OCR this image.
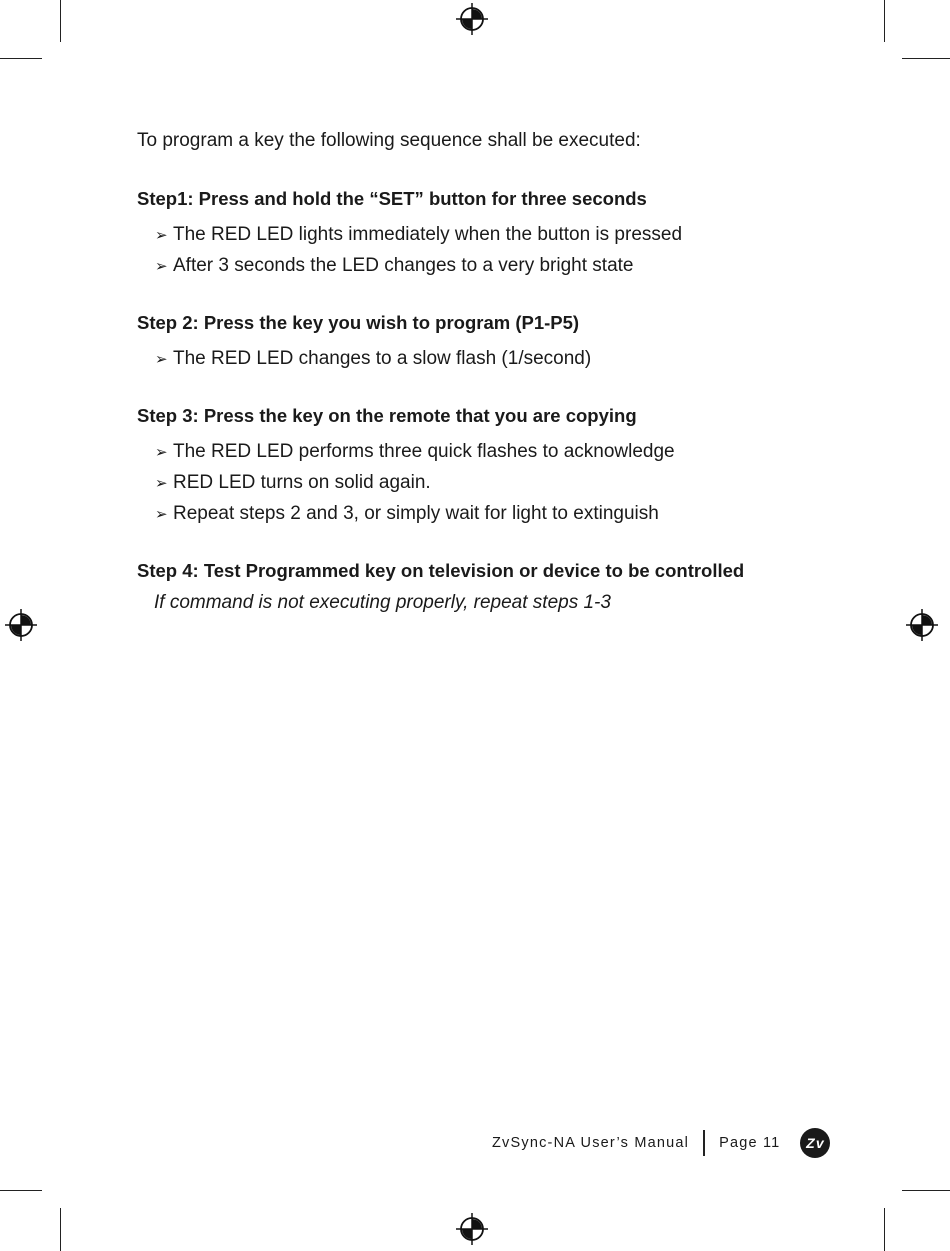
To program a key the following sequence shall be executed:

Step1: Press and hold the “SET” button for three seconds

➢ The RED LED lights immediately when the button is pressed
➢ After 3 seconds the LED changes to a very bright state

Step 2: Press the key you wish to program (P1-P5)

➢ The RED LED changes to a slow flash (1/second)

Step 3: Press the key on the remote that you are copying

➢ The RED LED performs three quick flashes to acknowledge
➢ RED LED turns on solid again.
➢ Repeat steps 2 and 3, or simply wait for light to extinguish

Step 4: Test Programmed key on television or device to be controlled

If command is not executing properly, repeat steps 1-3

ZvSync-NA User’s Manual Page 11 Zv
